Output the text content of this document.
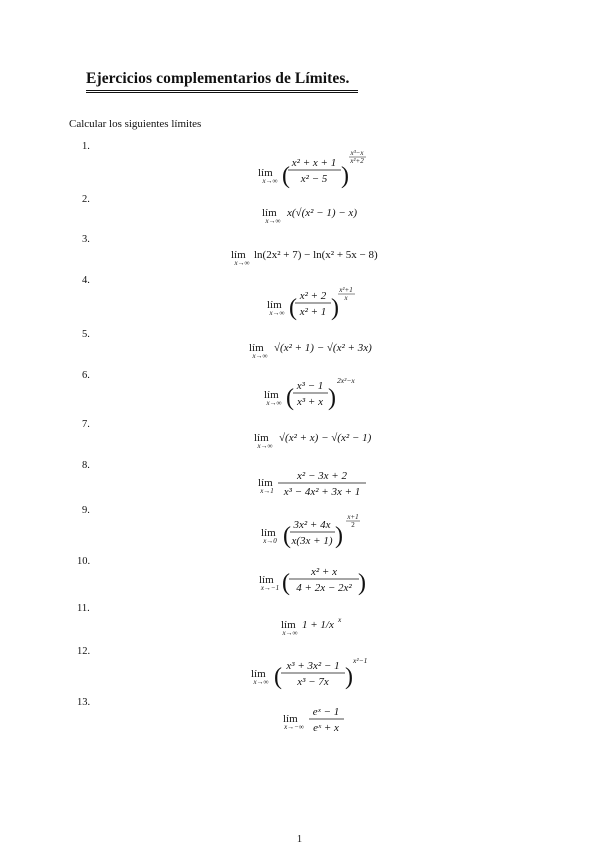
Ejercicios complementarios de Límites.
Calcular los siguientes límites
1.
2.
3.
4.
5.
6.
7.
8.
9.
10.
11.
12.
13.
lím
x→∞ ( x² + x + 1
x² − 5 )
x³−x
x²+2
lím
x→∞
x(√(x² − 1) − x)
lím
x→∞
ln(2x² + 7) − ln(x² + 5x − 8)
lím
x→∞ ( x² + 2
x² + 1 )
x²+1
x
lím
x→∞
√(x² + 1) − √(x² + 3x)
lím
x→∞ ( x³ − 1
x³ + x )
2x²−x
lím
x→∞
√(x² + x) − √(x² − 1)
lím
x→1
x² − 3x + 2
x³ − 4x² + 3x + 1
lím
x→0 ( 3x² + 4x
x(3x + 1) )
x+1
2
lím
x→−1 ( x² + x
4 + 2x − 2x² )
lím
x→∞
1 + 1/x x
lím
x→∞ ( x³ + 3x² − 1
x³ − 7x )
x²−1
lím
x→−∞
eˣ − 1
eˣ + x
1
